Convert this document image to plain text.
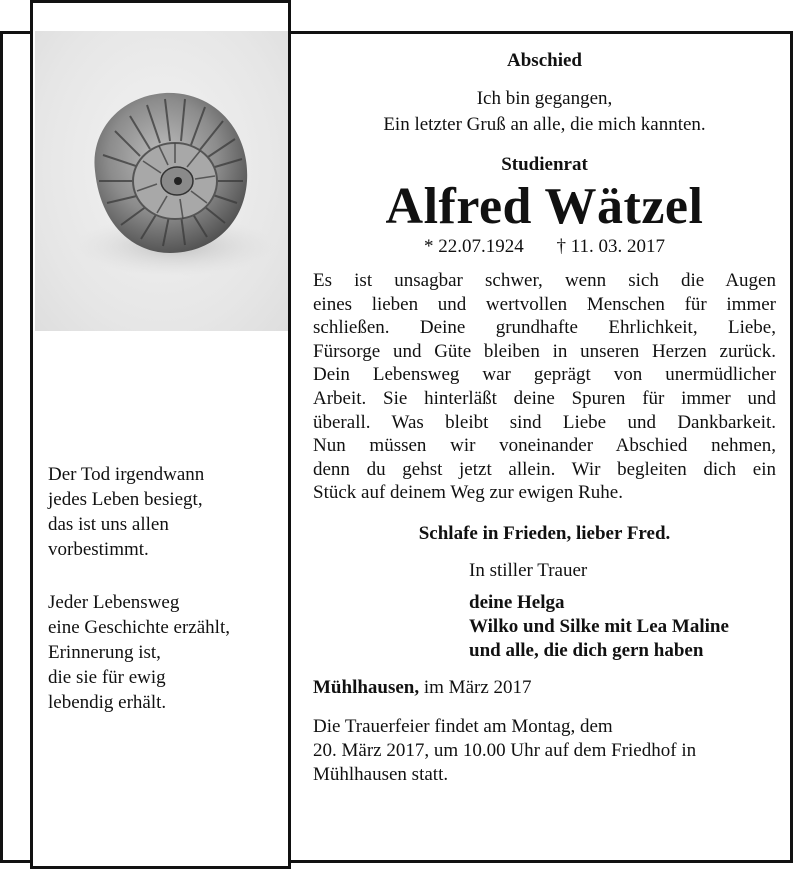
Der Tod irgendwann
jedes Leben besiegt,
das ist uns allen
vorbestimmt.
Jeder Lebensweg
eine Geschichte erzählt,
Erinnerung ist,
die sie für ewig
lebendig erhält.
Abschied
Ich bin gegangen,
Ein letzter Gruß an alle, die mich kannten.
Studienrat
Alfred Wätzel
* 22.07.1924 † 11. 03. 2017
Es ist unsagbar schwer, wenn sich die Augen
eines lieben und wertvollen Menschen für immer
schließen. Deine grundhafte Ehrlichkeit, Liebe,
Fürsorge und Güte bleiben in unseren Herzen zurück.
Dein Lebensweg war geprägt von unermüdlicher
Arbeit. Sie hinterläßt deine Spuren für immer und
überall. Was bleibt sind Liebe und Dankbarkeit.
Nun müssen wir voneinander Abschied nehmen,
denn du gehst jetzt allein. Wir begleiten dich ein
Stück auf deinem Weg zur ewigen Ruhe.
Schlafe in Frieden, lieber Fred.
In stiller Trauer
deine Helga
Wilko und Silke mit Lea Maline
und alle, die dich gern haben
Mühlhausen, im März 2017
Die Trauerfeier findet am Montag, dem
20. März 2017, um 10.00 Uhr auf dem Friedhof in
Mühlhausen statt.
